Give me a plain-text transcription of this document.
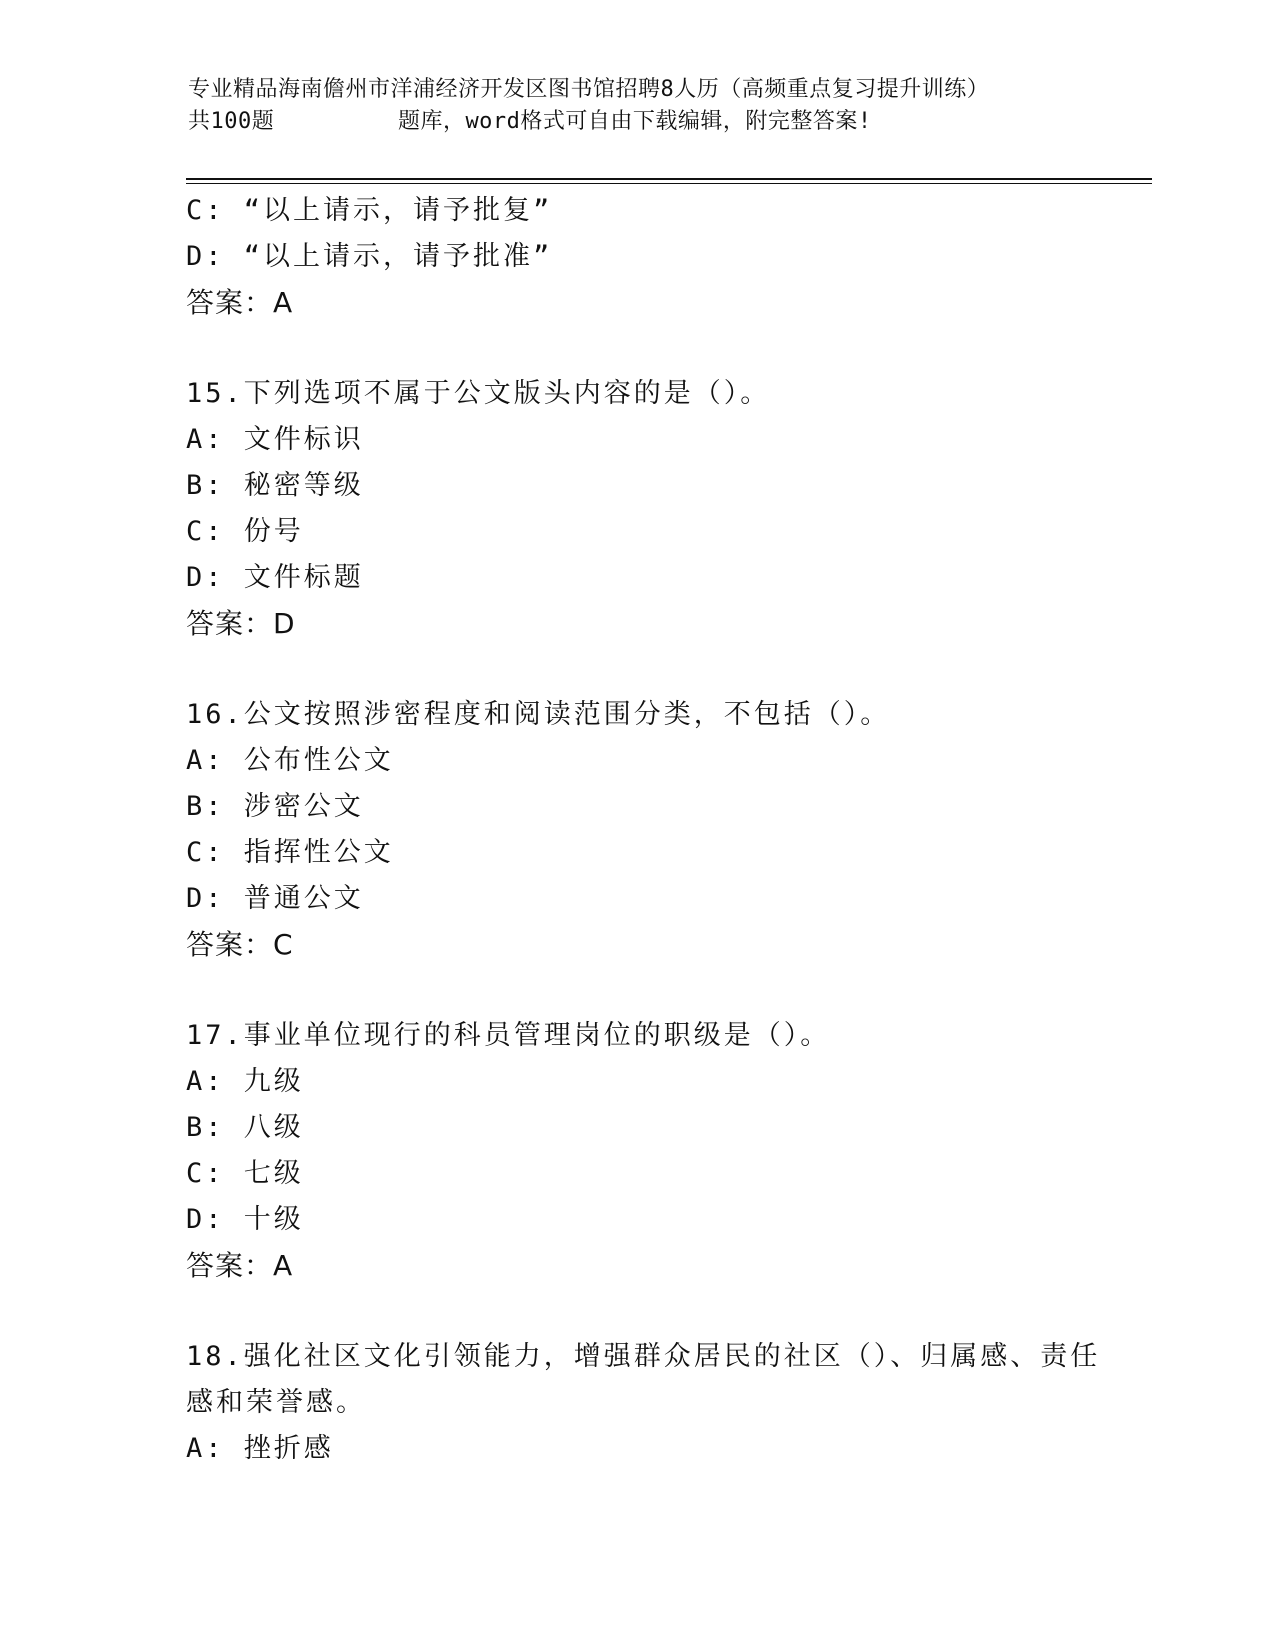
专业精品海南儋州市洋浦经济开发区图书馆招聘8人历（高频重点复习提升训练）
共100题         题库，word格式可自由下载编辑，附完整答案!
C: “以上请示，请予批复”
D: “以上请示，请予批准”
答案：A
15.下列选项不属于公文版头内容的是（）。
A: 文件标识
B: 秘密等级
C: 份号
D: 文件标题
答案：D
16.公文按照涉密程度和阅读范围分类，不包括（）。
A: 公布性公文
B: 涉密公文
C: 指挥性公文
D: 普通公文
答案：C
17.事业单位现行的科员管理岗位的职级是（）。
A: 九级
B: 八级
C: 七级
D: 十级
答案：A
18.强化社区文化引领能力，增强群众居民的社区（）、归属感、责任
感和荣誉感。
A: 挫折感
